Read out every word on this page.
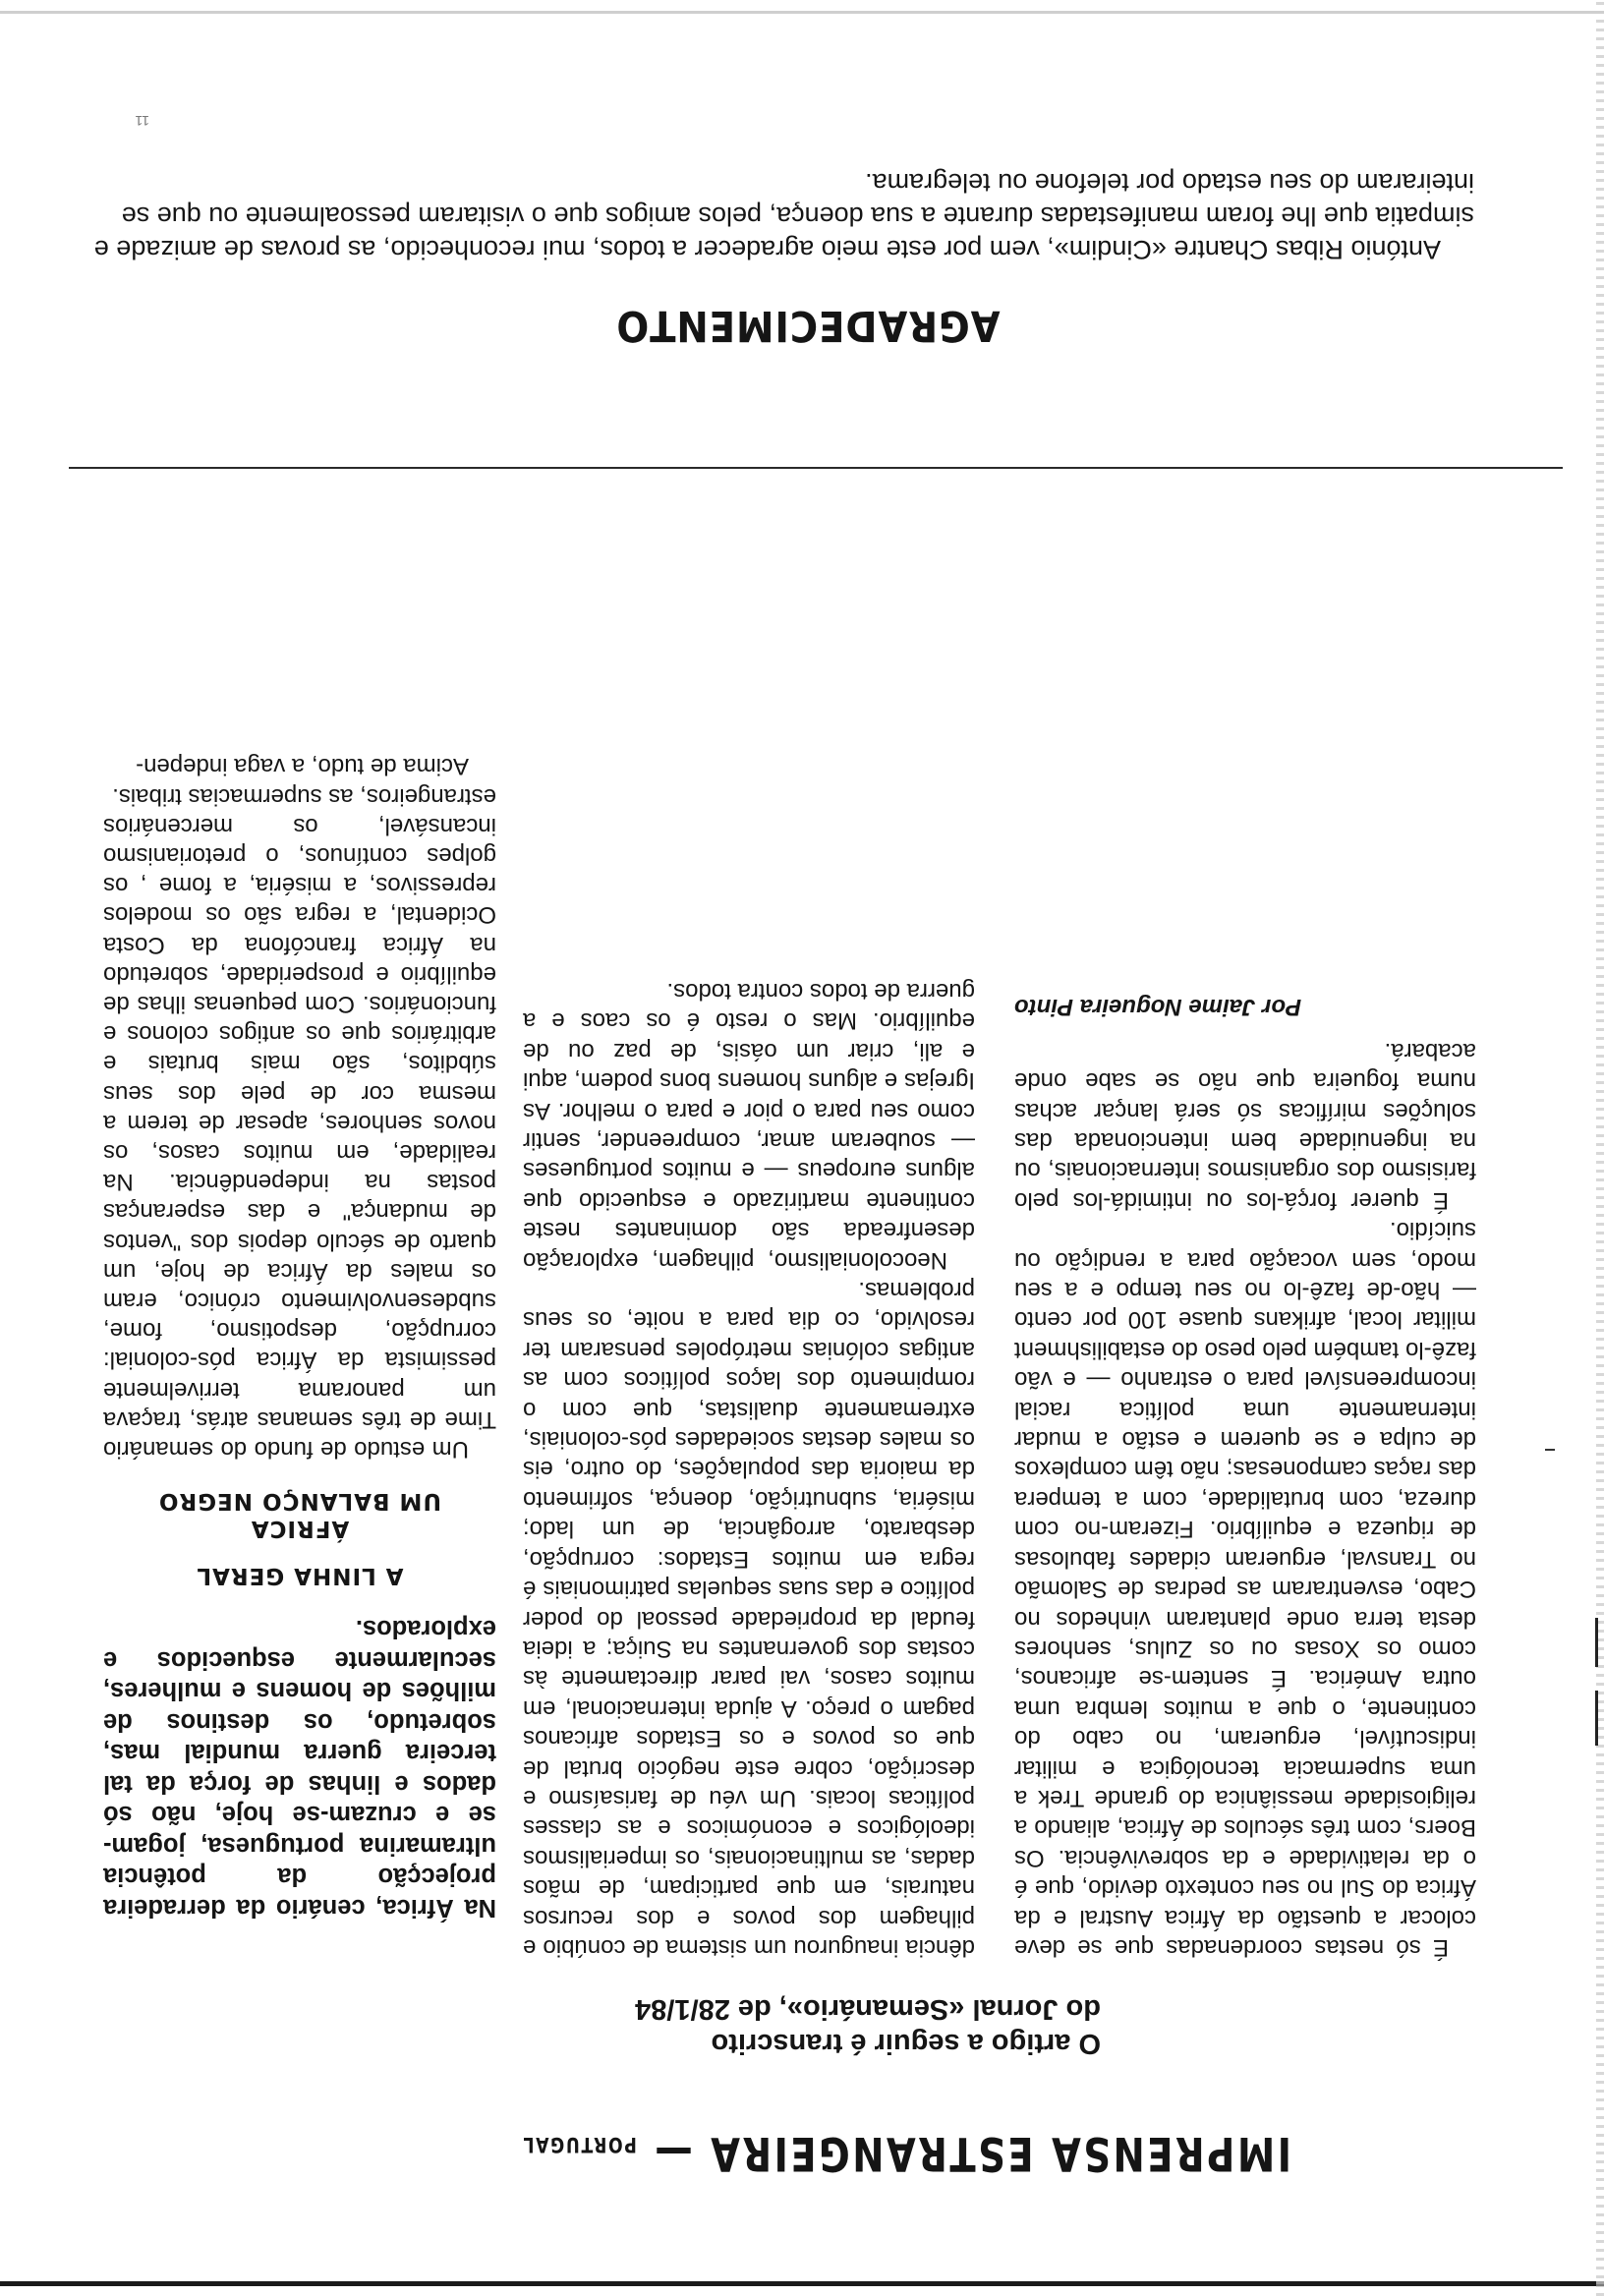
IMPRENSA ESTRANGEIRA — PORTUGAL
O artigo a seguir é transcrito
do Jornal «Semanário», de 28/1/84

Na África, cenário da derradeira projecção da potência ultramarina portuguesa, jogam-se e cruzam-se hoje, não só dados e linhas de força da tal terceira guerra mundial mas, sobretudo, os destinos de milhões de homens e mulheres, secularmente esquecidos e explorados.

A LINHA GERAL
ÁFRICA
UM BALANÇO NEGRO

Um estudo de fundo do semanário Time de três semanas atrás, traçava um panorama terrivelmente pessimista da África pós-colonial: corrupção, despotismo, fome, subdesenvolvimento crónico, eram os males da África de hoje, um quarto de século depois dos "ventos de mudança" e das esperanças postas na independência. Na realidade, em muitos casos, os novos senhores, apesar de terem a mesma cor de pele dos seus súbditos, são mais brutais e arbitrários que os antigos colonos e funcionários. Com pequenas ilhas de equilíbrio e prosperidade, sobretudo na África francófona da Costa Ocidental, a regra são os modelos repressivos, a miséria, a fome , os golpes contínuos, o pretorianismo incansável, os mercenários estrangeiros, as supermacias tribais.

Acima de tudo, a vaga indepen-

dência inaugurou um sistema de conúbio e pilhagem dos povos e dos recursos naturais, em que participam, de mãos dadas, as multinacionais, os imperialismos ideológicos e económicos e as classes políticas locais. Um véu de farisaísmo e descrição, cobre este negócio brutal de que os povos e os Estados africanos pagam o preço. A ajuda internacional, em muitos casos, vai parar directamente às costas dos governantes na Suiça; a ideia feudal da propriedade pessoal do poder político e das suas sequelas patrimoniais é regra em muitos Estados: corrupção, desbarato, arrogância, de um lado; miséria, subnutrição, doença, sofrimento da maioria das populações, do outro, eis os males destas sociedades pós-coloniais, extremamente dualistas, que com o rompimento dos laços políticos com as antigas colónias metrópoles pensaram ter resolvido, co dia para a noite, os seus problemas.

Neocolonialismo, pilhagem, exploração desenfreada são dominantes neste continente martirizado e esquecido que alguns europeus — e muitos portugueses — souberam amar, compreender, sentir como seu para o pior e para o melhor. As Igrejas e alguns homens bons podem, aqui e ali, criar um oásis, de paz ou de equilíbrio. Mas o resto é os caos e a guerra de todos contra todos.

É só nestas coordenadas que se deve colocar a questão da África Austral e da África do Sul no seu contexto devido, que é o da relatividade e da sobrevivência. Os Boers, com três séculos de África, aliando a religiosidade messiânica do grande Trek a uma supermacia tecnológica e militar indiscutível, ergueram, no cabo do continente, o que a muitos lembra uma outra América. É sentem-se africanos, como os Xosas ou os Zulus, senhores desta terra onde plantaram vinhedos no Cabo, esventraram as pedras de Salomão no Transval, ergueram cidades fabulosas de riqueza e equilíbrio. Fizeram-no com dureza, com brutalidade, com a tempera das raças camponesas; não têm complexos de culpa e se querem e estão a mudar internamente uma política racial incompreensível para o estranho — e vão fazê-lo também pelo peso do estabilishment militar local, afrikans quase 100 por cento — hão-de fazê-lo no seu tempo e a seu modo, sem vocação para a rendição ou suicídio.

É querer forçá-los ou intimidá-los pelo farisismo dos organismos internacionais, ou na ingenuidade bem intencionada das soluções miríficas só será lançar achas numa fogueira que não se sabe onde acabará.

Por Jaime Nogueira Pinto
AGRADECIMENTO

António Ribas Chantre «Cindim», vem por este meio agradecer a todos, mui reconhecido, as provas de amizade e simpatia que lhe foram manifestadas durante a sua doença, pelos amigos que o visitaram pessoalmente ou que se inteiraram do seu estado por telefone ou telegrama.

11
